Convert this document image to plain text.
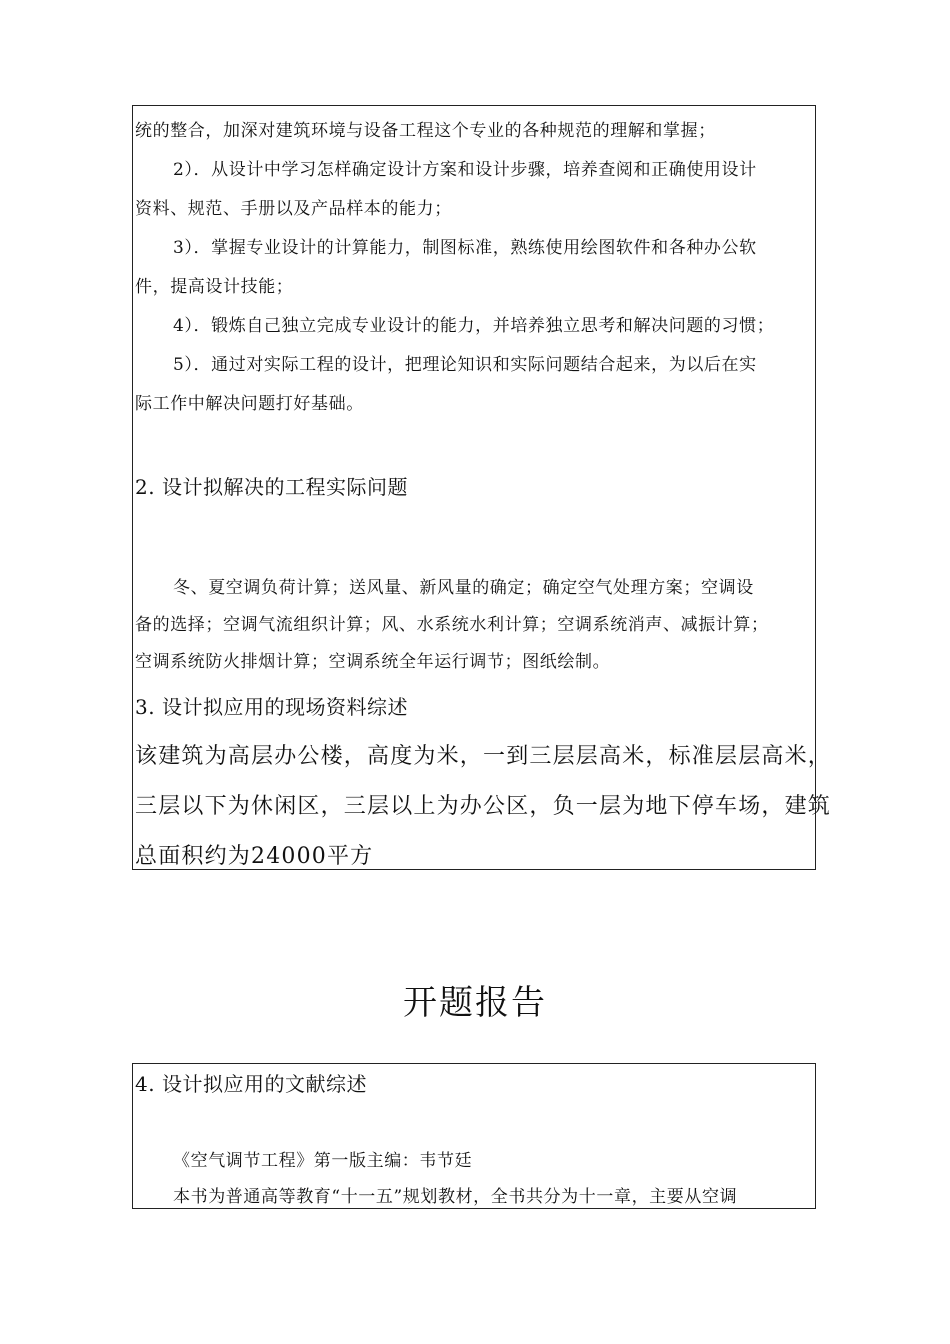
统的整合，加深对建筑环境与设备工程这个专业的各种规范的理解和掌握；

2）．从设计中学习怎样确定设计方案和设计步骤，培养查阅和正确使用设计

资料、规范、手册以及产品样本的能力；

3）．掌握专业设计的计算能力，制图标准，熟练使用绘图软件和各种办公软

件，提高设计技能；

4）．锻炼自己独立完成专业设计的能力，并培养独立思考和解决问题的习惯；

5）．通过对实际工程的设计，把理论知识和实际问题结合起来，为以后在实

际工作中解决问题打好基础。

2. 设计拟解决的工程实际问题

冬、夏空调负荷计算；送风量、新风量的确定；确定空气处理方案；空调设

备的选择；空调气流组织计算；风、水系统水利计算；空调系统消声、减振计算；

空调系统防火排烟计算；空调系统全年运行调节；图纸绘制。

3. 设计拟应用的现场资料综述

该建筑为高层办公楼，高度为米，一到三层层高米，标准层层高米，

三层以下为休闲区，三层以上为办公区，负一层为地下停车场，建筑

总面积约为24000平方

开题报告

4. 设计拟应用的文献综述

《空气调节工程》第一版主编：韦节廷

本书为普通高等教育“十一五”规划教材，全书共分为十一章，主要从空调
